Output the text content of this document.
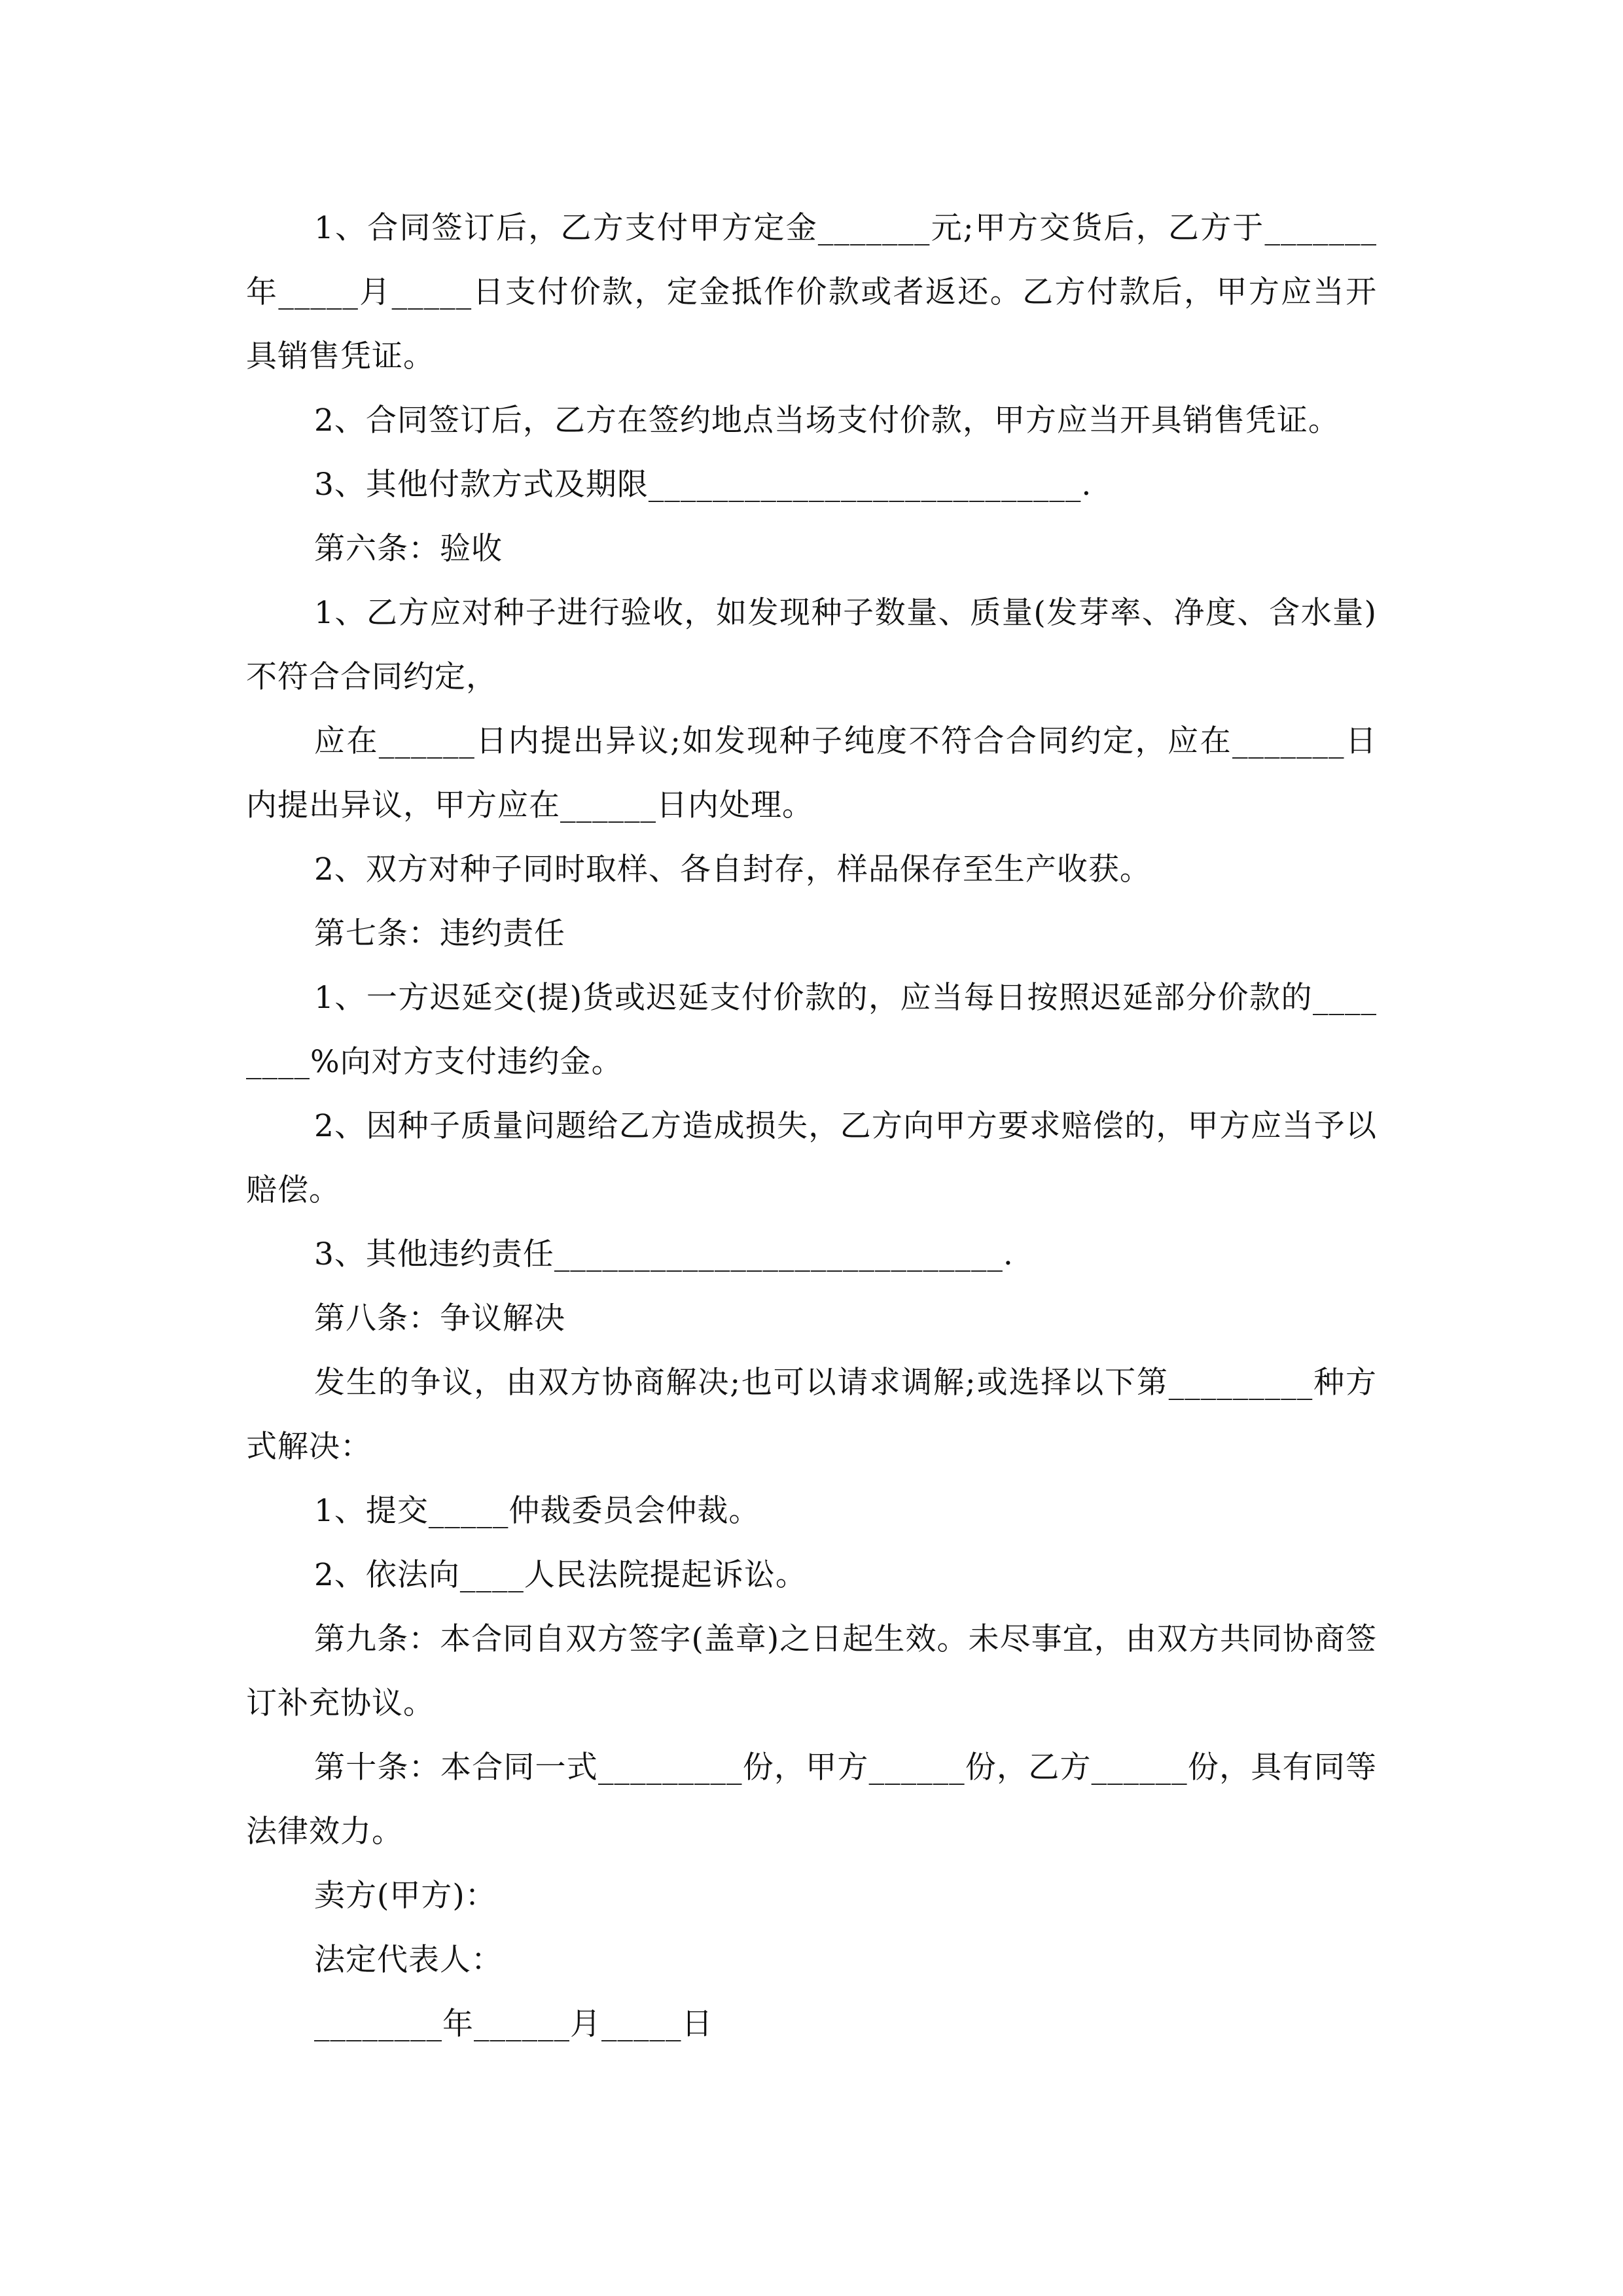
1、合同签订后，乙方支付甲方定金_______元;甲方交货后，乙方于_______年_____月_____日支付价款，定金抵作价款或者返还。乙方付款后，甲方应当开具销售凭证。

2、合同签订后，乙方在签约地点当场支付价款，甲方应当开具销售凭证。

3、其他付款方式及期限___________________________.

第六条：验收

1、乙方应对种子进行验收，如发现种子数量、质量(发芽率、净度、含水量)不符合合同约定，

应在______日内提出异议;如发现种子纯度不符合合同约定，应在_______日内提出异议，甲方应在______日内处理。

2、双方对种子同时取样、各自封存，样品保存至生产收获。

第七条：违约责任

1、一方迟延交(提)货或迟延支付价款的，应当每日按照迟延部分价款的________%向对方支付违约金。

2、因种子质量问题给乙方造成损失，乙方向甲方要求赔偿的，甲方应当予以赔偿。

3、其他违约责任____________________________.

第八条：争议解决

发生的争议，由双方协商解决;也可以请求调解;或选择以下第_________种方式解决：

1、提交_____仲裁委员会仲裁。

2、依法向____人民法院提起诉讼。

第九条：本合同自双方签字(盖章)之日起生效。未尽事宜，由双方共同协商签订补充协议。

第十条：本合同一式_________份，甲方______份，乙方______份，具有同等法律效力。

卖方(甲方)：

法定代表人：

________年______月_____日
